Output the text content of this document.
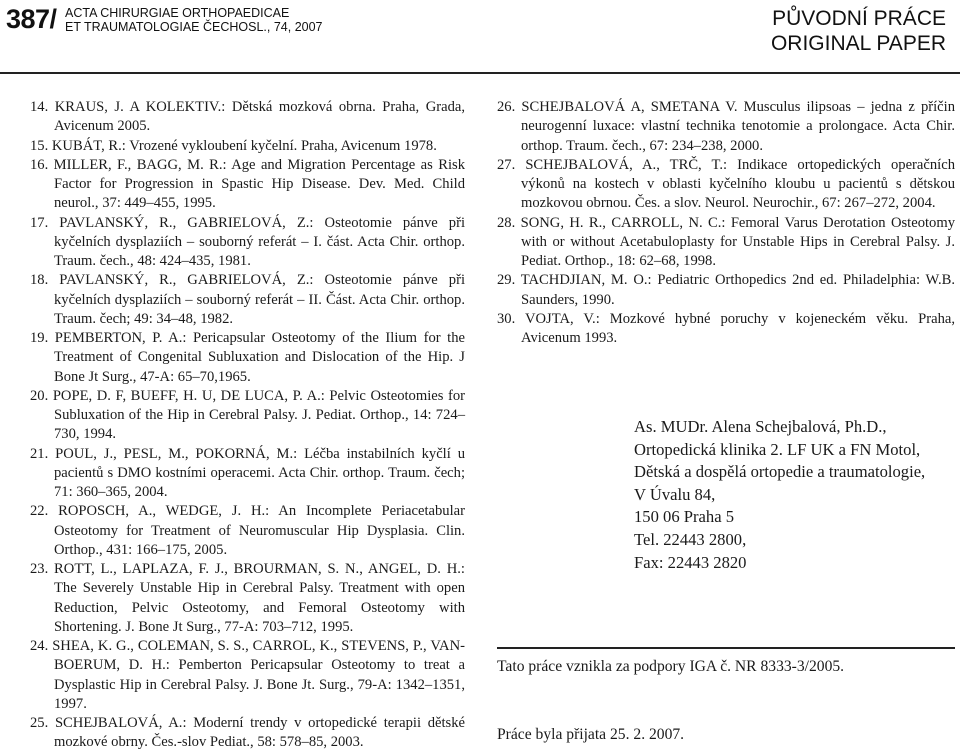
387/ ACTA CHIRURGIAE ORTHOPAEDICAE
ET TRAUMATOLOGIAE ČECHOSL., 74, 2007	PŮVODNÍ PRÁCE
ORIGINAL PAPER

14. KRAUS, J. A KOLEKTIV.: Dětská mozková obrna. Praha, Grada, Avicenum 2005.

15. KUBÁT, R.: Vrozené vykloubení kyčelní. Praha, Avicenum 1978.

16. MILLER, F., BAGG, M. R.: Age and Migration Percentage as Risk Factor for Progression in Spastic Hip Disease. Dev. Med. Child neurol., 37: 449–455, 1995.

17. PAVLANSKÝ, R., GABRIELOVÁ, Z.: Osteotomie pánve při kyčelních dysplaziích – souborný referát – I. část. Acta Chir. orthop. Traum. čech., 48: 424–435, 1981.

18. PAVLANSKÝ, R., GABRIELOVÁ, Z.: Osteotomie pánve při kyčelních dysplaziích – souborný referát – II. Část. Acta Chir. orthop. Traum. čech; 49: 34–48, 1982.

19. PEMBERTON, P. A.: Pericapsular Osteotomy of the Ilium for the Treatment of Congenital Subluxation and Dislocation of the Hip. J Bone Jt Surg., 47-A: 65–70,1965.

20. POPE, D. F, BUEFF, H. U, DE LUCA, P. A.: Pelvic Osteotomies for Subluxation of the Hip in Cerebral Palsy. J. Pediat. Orthop., 14: 724–730, 1994.

21. POUL, J., PESL, M., POKORNÁ, M.: Léčba instabilních kyčlí u pacientů s DMO kostními operacemi. Acta Chir. orthop. Traum. čech; 71: 360–365, 2004.

22. ROPOSCH, A., WEDGE, J. H.: An Incomplete Periacetabular Osteotomy for Treatment of Neuromuscular Hip Dysplasia. Clin. Orthop., 431: 166–175, 2005.

23. ROTT, L., LAPLAZA, F. J., BROURMAN, S. N., ANGEL, D. H.: The Severely Unstable Hip in Cerebral Palsy. Treatment with open Reduction, Pelvic Osteotomy, and Femoral Osteotomy with Shortening. J. Bone Jt Surg., 77-A: 703–712, 1995.

24. SHEA, K. G., COLEMAN, S. S., CARROL, K., STEVENS, P., VAN-BOERUM, D. H.: Pemberton Pericapsular Osteotomy to treat a Dysplastic Hip in Cerebral Palsy. J. Bone Jt. Surg., 79-A: 1342–1351, 1997.

25. SCHEJBALOVÁ, A.: Moderní trendy v ortopedické terapii dětské mozkové obrny. Čes.-slov Pediat., 58: 578–85, 2003.

26. SCHEJBALOVÁ A, SMETANA V. Musculus ilipsoas – jedna z příčin neurogenní luxace: vlastní technika tenotomie a prolongace. Acta Chir. orthop. Traum. čech., 67: 234–238, 2000.

27. SCHEJBALOVÁ, A., TRČ, T.: Indikace ortopedických operačních výkonů na kostech v oblasti kyčelního kloubu u pacientů s dětskou mozkovou obrnou. Čes. a slov. Neurol. Neurochir., 67: 267–272, 2004.

28. SONG, H. R., CARROLL, N. C.: Femoral Varus Derotation Osteotomy with or without Acetabuloplasty for Unstable Hips in Cerebral Palsy. J. Pediat. Orthop., 18: 62–68, 1998.

29. TACHDJIAN, M. O.: Pediatric Orthopedics 2nd ed. Philadelphia: W.B. Saunders, 1990.

30. VOJTA, V.: Mozkové hybné poruchy v kojeneckém věku. Praha, Avicenum 1993.

As. MUDr. Alena Schejbalová, Ph.D.,
Ortopedická klinika 2. LF UK a FN Motol,
Dětská a dospělá ortopedie a traumatologie,
V Úvalu 84,
150 06 Praha 5
Tel. 22443 2800,
Fax: 22443 2820
Tato práce vznikla za podpory IGA č. NR 8333-3/2005.
Práce byla přijata 25. 2. 2007.
